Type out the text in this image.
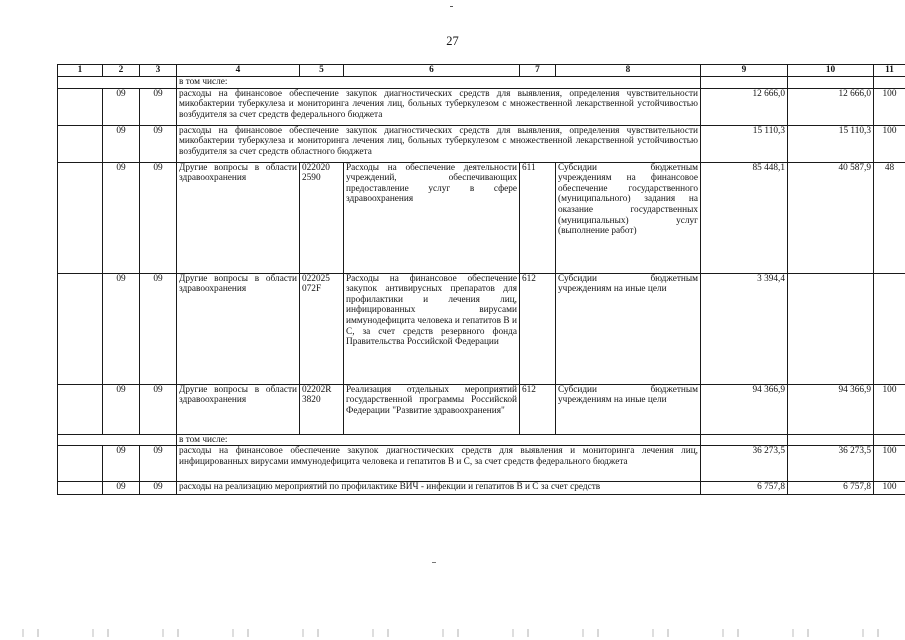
27
1	2	3	4	5	6	7	8	9	10	11
			в том числе:							
	09	09	расходы на финансовое обеспечение закупок диагностических средств для выявления, определения чувствительности микобактерии туберкулеза и мониторинга лечения лиц, больных туберкулезом с множественной лекарственной устойчивостью возбудителя за счет средств федерального бюджета					12 666,0	12 666,0	100
	09	09	расходы на финансовое обеспечение закупок диагностических средств для выявления, определения чувствительности микобактерии туберкулеза и мониторинга лечения лиц, больных туберкулезом с множественной лекарственной устойчивостью возбудителя за счет средств областного бюджета					15 110,3	15 110,3	100
	09	09	Другие вопросы в области здравоохранения	022020 2590	Расходы на обеспечение деятельности учреждений, обеспечивающих предоставление услуг в сфере здравоохранения	611	Субсидии бюджетным учреждениям на финансовое обеспечение государственного (муниципального) задания на оказание государственных (муниципальных) услуг (выполнение работ)	85 448,1	40 587,9	48
	09	09	Другие вопросы в области здравоохранения	022025 072F	Расходы на финансовое обеспечение закупок антивирусных препаратов для профилактики и лечения лиц, инфицированных вирусами иммунодефицита человека и гепатитов В и С, за счет средств резервного фонда Правительства Российской Федерации	612	Субсидии бюджетным учреждениям на иные цели	3 394,4		
	09	09	Другие вопросы в области здравоохранения	02202R 3820	Реализация отдельных мероприятий государственной программы Российской Федерации "Развитие здравоохранения"	612	Субсидии бюджетным учреждениям на иные цели	94 366,9	94 366,9	100
			в том числе:							
	09	09	расходы на финансовое обеспечение закупок диагностических средств для выявления и мониторинга лечения лиц, инфицированных вирусами иммунодефицита человека и гепатитов В и С, за счет средств федерального бюджета					36 273,5	36 273,5	100
	09	09	расходы на реализацию мероприятий по профилактике ВИЧ - инфекции и гепатитов В и С за счет средств					6 757,8	6 757,8	100
